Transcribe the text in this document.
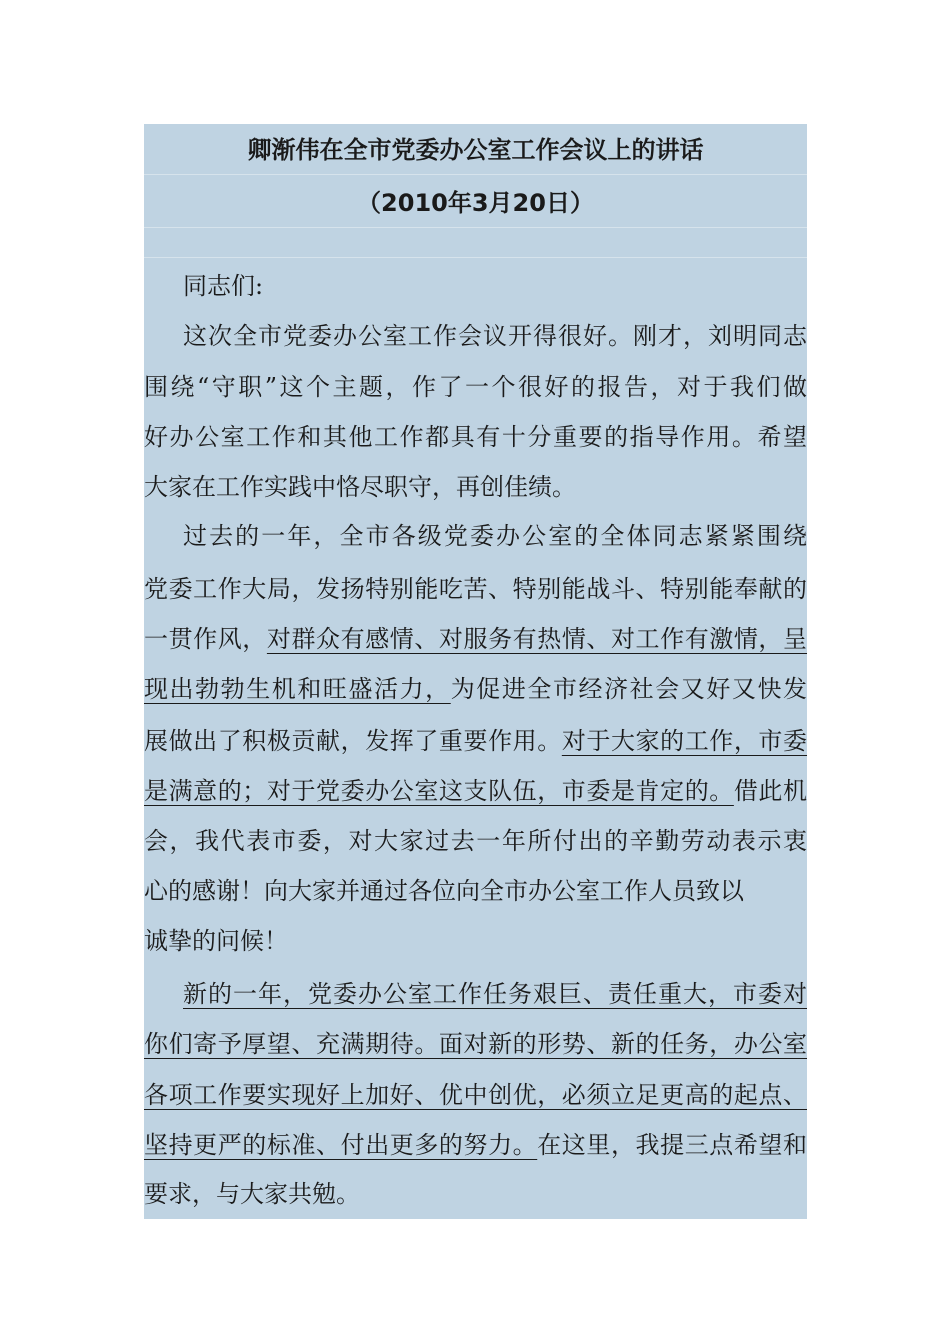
卿渐伟在全市党委办公室工作会议上的讲话
（2010年3月20日）
同志们:
这次全市党委办公室工作会议开得很好。刚才，刘明同志
围绕“守职”这个主题，作了一个很好的报告，对于我们做
好办公室工作和其他工作都具有十分重要的指导作用。希望
大家在工作实践中恪尽职守，再创佳绩。
过去的一年，全市各级党委办公室的全体同志紧紧围绕
党委工作大局，发扬特别能吃苦、特别能战斗、特别能奉献的
一贯作风，对群众有感情、对服务有热情、对工作有激情，呈
现出勃勃生机和旺盛活力，为促进全市经济社会又好又快发
展做出了积极贡献，发挥了重要作用。对于大家的工作，市委
是满意的；对于党委办公室这支队伍，市委是肯定的。借此机
会，我代表市委，对大家过去一年所付出的辛勤劳动表示衷
心的感谢！向大家并通过各位向全市办公室工作人员致以
诚挚的问候！
新的一年，党委办公室工作任务艰巨、责任重大，市委对
你们寄予厚望、充满期待。面对新的形势、新的任务，办公室
各项工作要实现好上加好、优中创优，必须立足更高的起点、
坚持更严的标准、付出更多的努力。在这里，我提三点希望和
要求，与大家共勉。
